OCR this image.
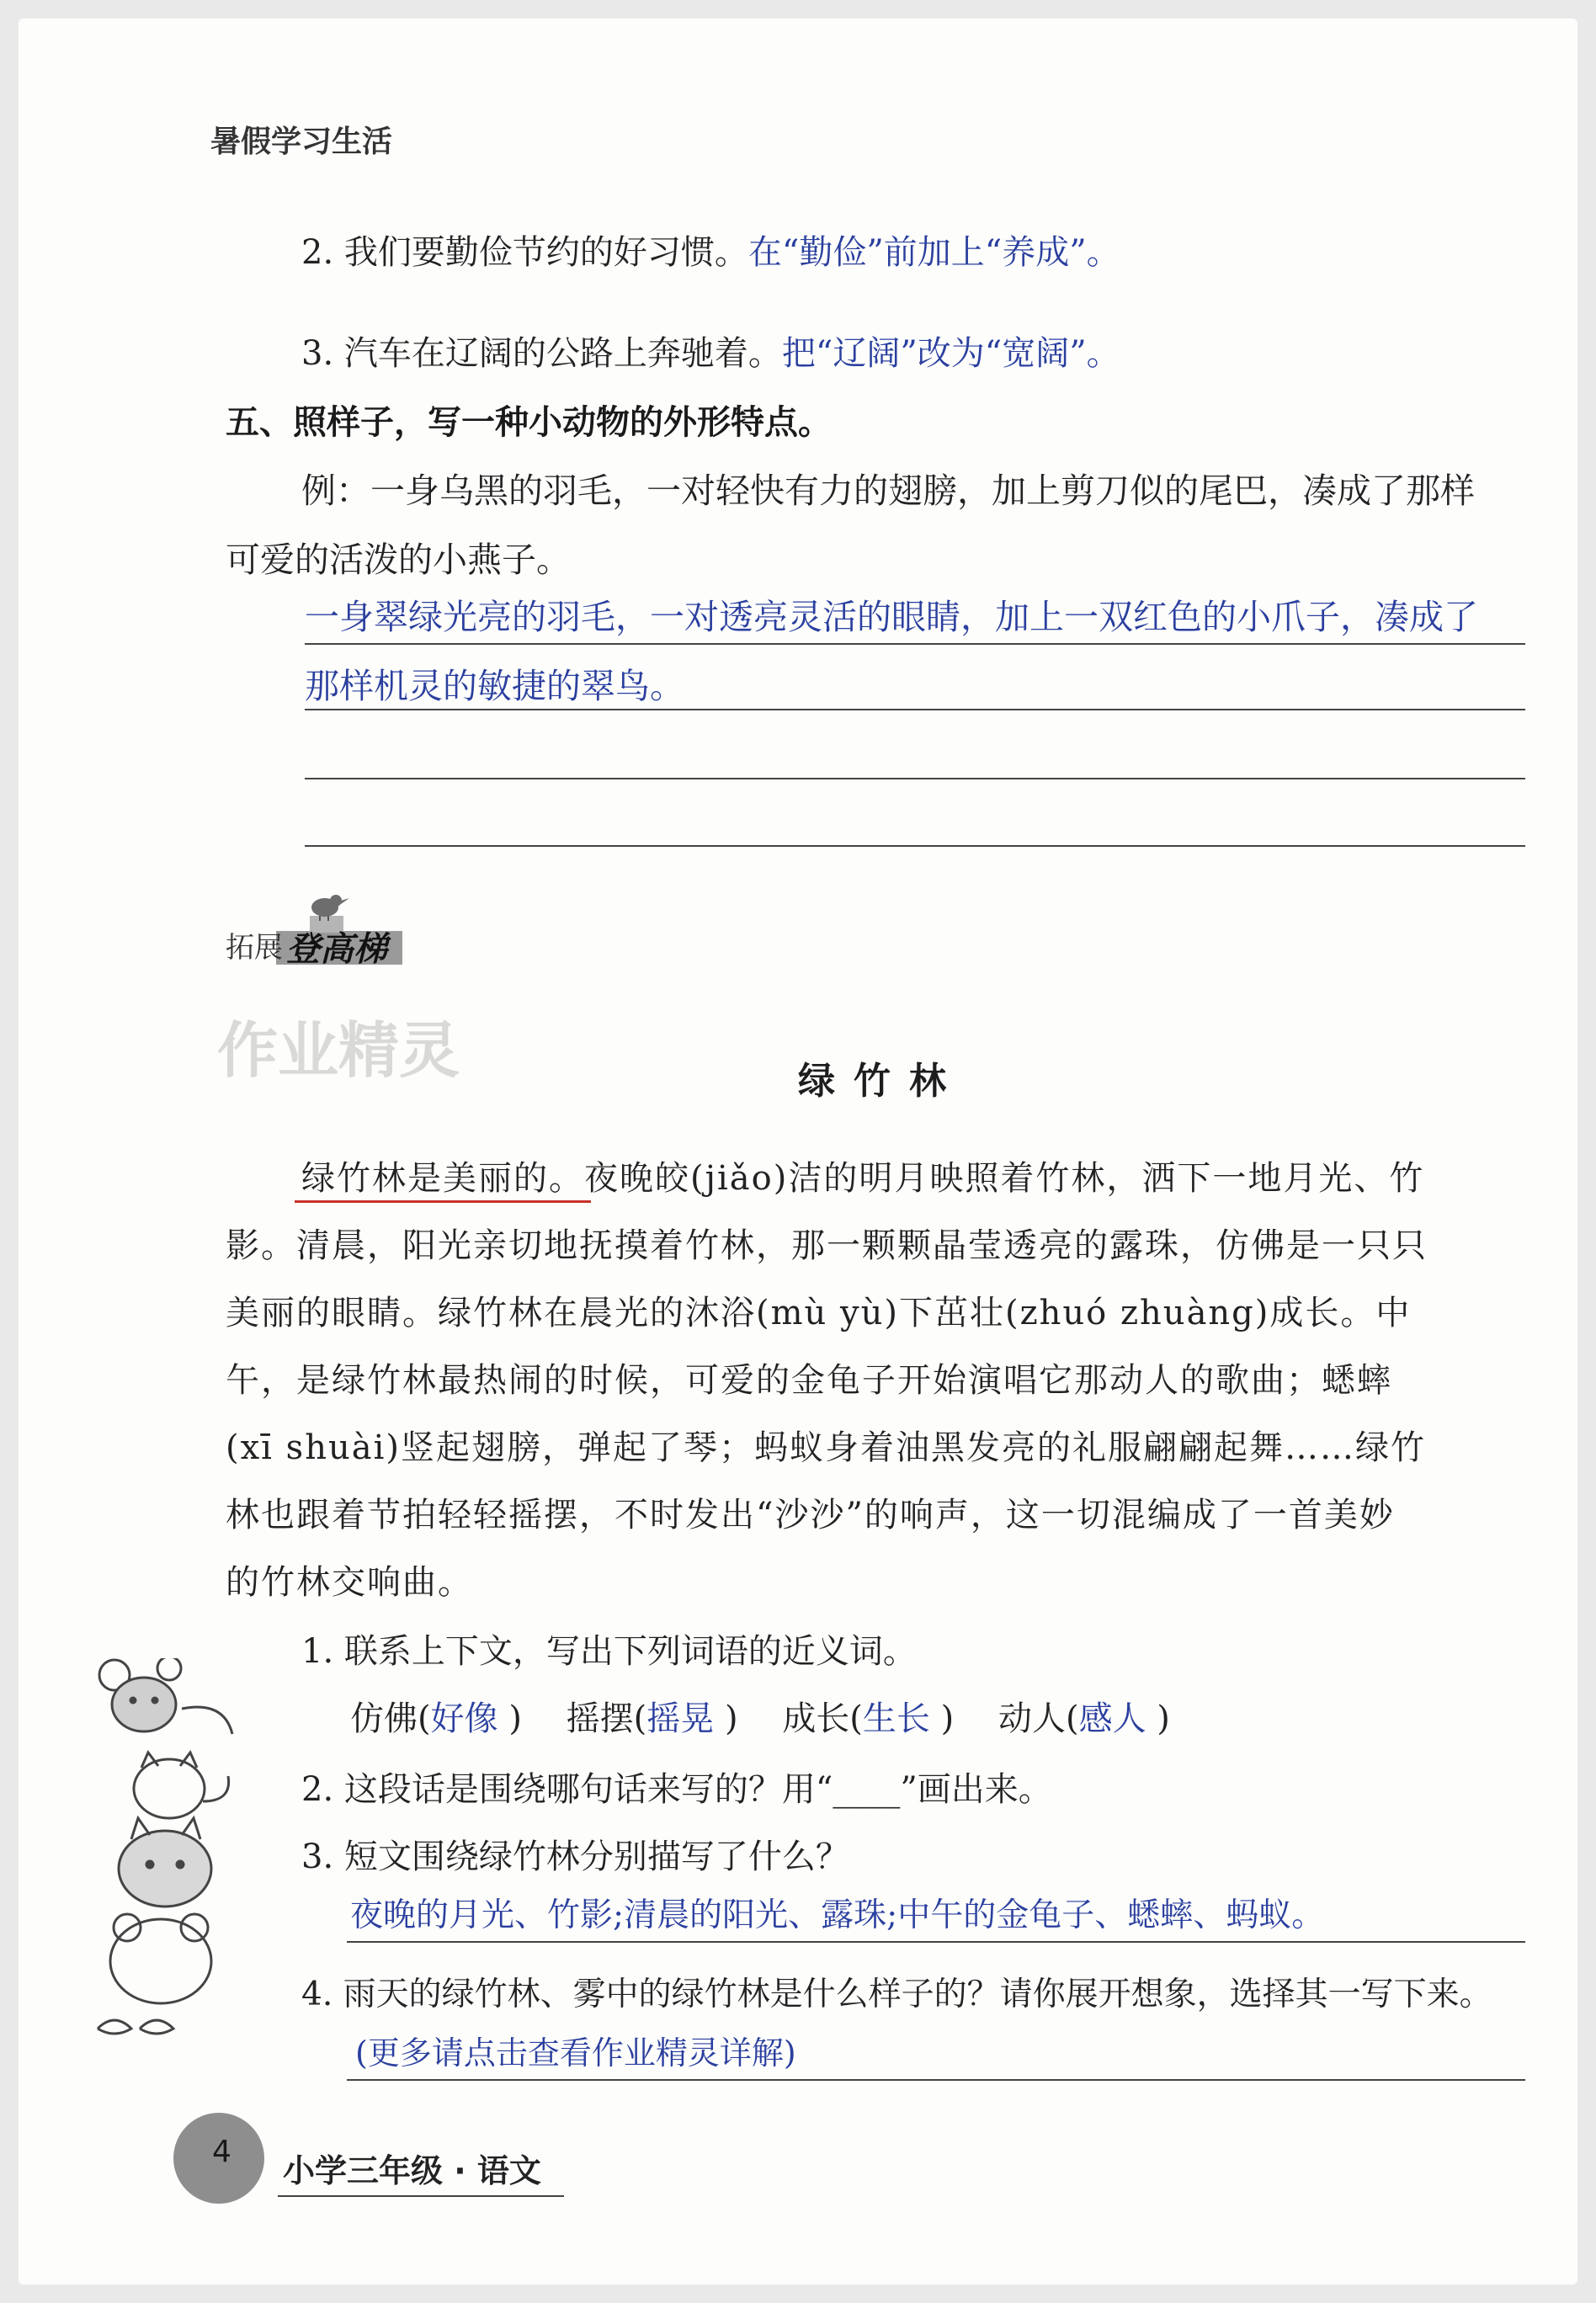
暑假学习生活
2. 我们要勤俭节约的好习惯。在“勤俭”前加上“养成”。
3. 汽车在辽阔的公路上奔驰着。把“辽阔”改为“宽阔”。
五、照样子，写一种小动物的外形特点。
例：一身乌黑的羽毛，一对轻快有力的翅膀，加上剪刀似的尾巴，凑成了那样
可爱的活泼的小燕子。
一身翠绿光亮的羽毛，一对透亮灵活的眼睛，加上一双红色的小爪子，凑成了
那样机灵的敏捷的翠鸟。
拓展 登高梯
作业精灵	绿竹林
绿竹林是美丽的。夜晚皎(jiǎo)洁的明月映照着竹林，洒下一地月光、竹
影。清晨，阳光亲切地抚摸着竹林，那一颗颗晶莹透亮的露珠，仿佛是一只只
美丽的眼睛。绿竹林在晨光的沐浴(mù yù)下茁壮(zhuó zhuàng)成长。中
午，是绿竹林最热闹的时候，可爱的金龟子开始演唱它那动人的歌曲；蟋蟀
(xī shuài)竖起翅膀，弹起了琴；蚂蚁身着油黑发亮的礼服翩翩起舞……绿竹
林也跟着节拍轻轻摇摆，不时发出“沙沙”的响声，这一切混编成了一首美妙
的竹林交响曲。
1. 联系上下文，写出下列词语的近义词。
仿佛(好像 ) 摇摆(摇晃 ) 成长(生长 ) 动人(感人 )
2. 这段话是围绕哪句话来写的？用“____”画出来。
3. 短文围绕绿竹林分别描写了什么？
夜晚的月光、竹影;清晨的阳光、露珠;中午的金龟子、蟋蟀、蚂蚁。
4. 雨天的绿竹林、雾中的绿竹林是什么样子的？请你展开想象，选择其一写下来。
(更多请点击查看作业精灵详解)
4
小学三年级 · 语文
